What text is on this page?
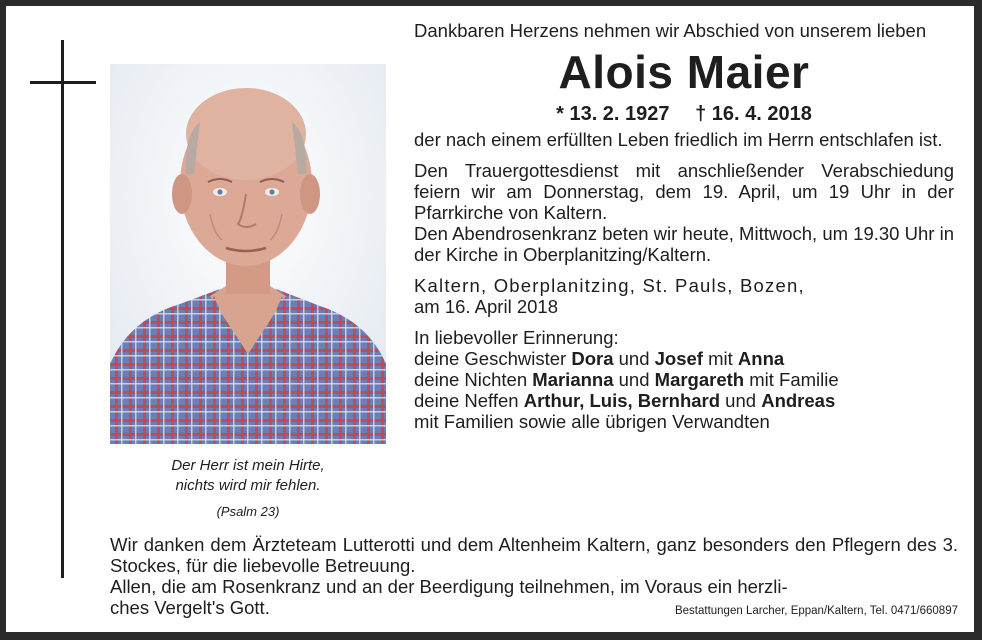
Der Herr ist mein Hirte,
nichts wird mir fehlen.
(Psalm 23)

Dankbaren Herzens nehmen wir Abschied von unserem lieben

Alois Maier
* 13. 2. 1927 † 16. 4. 2018

der nach einem erfüllten Leben friedlich im Herrn entschlafen ist.

Den Trauergottesdienst mit anschließender Verabschiedung feiern wir am Donnerstag, dem 19. April, um 19 Uhr in der Pfarrkirche von Kaltern.

Den Abendrosenkranz beten wir heute, Mittwoch, um 19.30 Uhr in der Kirche in Oberplanitzing/Kaltern.

Kaltern, Oberplanitzing, St. Pauls, Bozen,

am 16. April 2018

In liebevoller Erinnerung:

deine Geschwister Dora und Josef mit Anna

deine Nichten Marianna und Margareth mit Familie

deine Neffen Arthur, Luis, Bernhard und Andreas

mit Familien sowie alle übrigen Verwandten

Wir danken dem Ärzteteam Lutterotti und dem Altenheim Kaltern, ganz besonders den Pflegern des 3. Stockes, für die liebevolle Betreuung.

Allen, die am Rosenkranz und an der Beerdigung teilnehmen, im Voraus ein herzli-

ches Vergelt's Gott.	Bestattungen Larcher, Eppan/Kaltern, Tel. 0471/660897
